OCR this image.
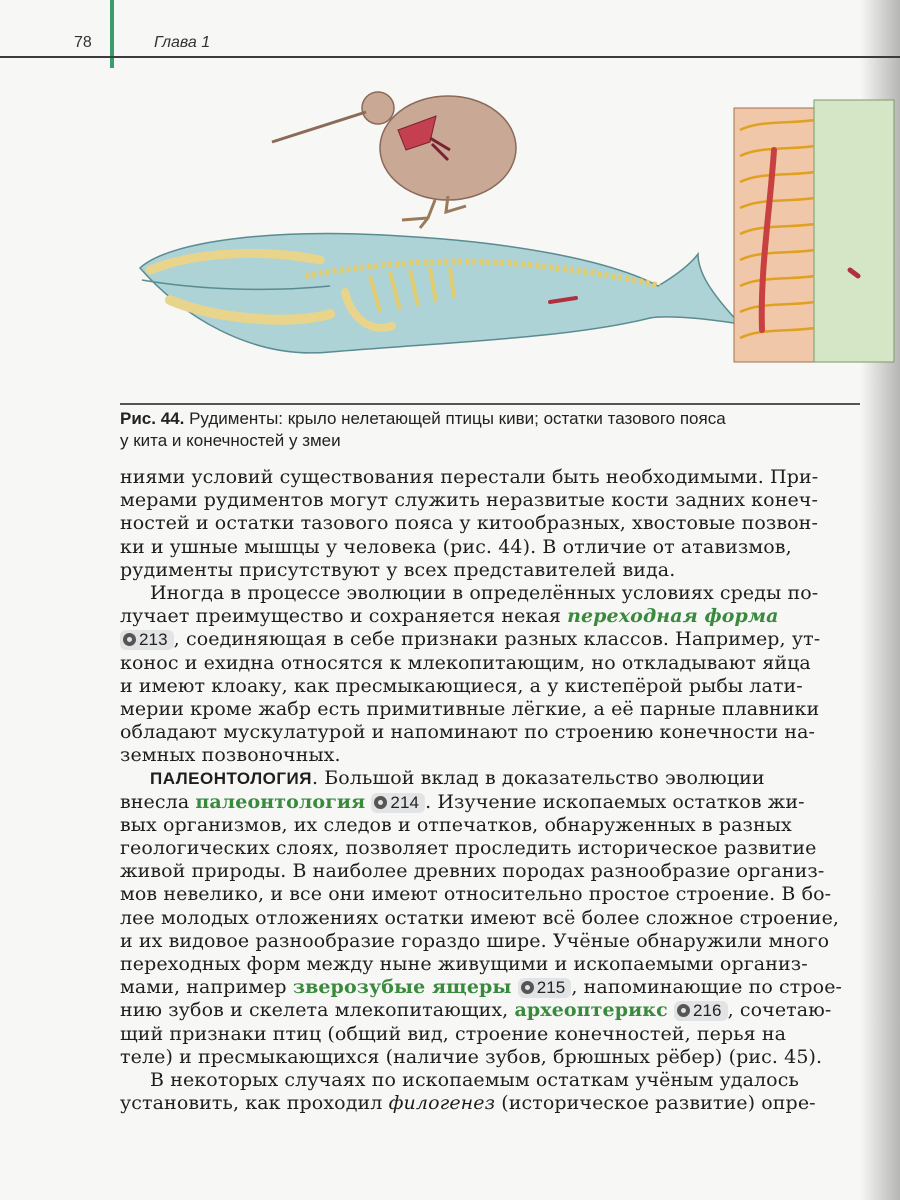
78	Глава 1
Рис. 44. Рудименты: крыло нелетающей птицы киви; остатки тазового пояса
у кита и конечностей у змеи
ниями условий существования перестали быть необходимыми. При-
мерами рудиментов могут служить неразвитые кости задних конеч-
ностей и остатки тазового пояса у китообразных, хвостовые позвон-
ки и ушные мышцы у человека (рис. 44). В отличие от атавизмов,
рудименты присутствуют у всех представителей вида.
Иногда в процессе эволюции в определённых условиях среды по-
лучает преимущество и сохраняется некая переходная форма
213 , соединяющая в себе признаки разных классов. Например, ут-
конос и ехидна относятся к млекопитающим, но откладывают яйца
и имеют клоаку, как пресмыкающиеся, а у кистепёрой рыбы лати-
мерии кроме жабр есть примитивные лёгкие, а её парные плавники
обладают мускулатурой и напоминают по строению конечности на-
земных позвоночных.
ПАЛЕОНТОЛОГИЯ. Большой вклад в доказательство эволюции
внесла палеонтология 214 . Изучение ископаемых остатков жи-
вых организмов, их следов и отпечатков, обнаруженных в разных
геологических слоях, позволяет проследить историческое развитие
живой природы. В наиболее древних породах разнообразие организ-
мов невелико, и все они имеют относительно простое строение. В бо-
лее молодых отложениях остатки имеют всё более сложное строение,
и их видовое разнообразие гораздо шире. Учёные обнаружили много
переходных форм между ныне живущими и ископаемыми организ-
мами, например зверозубые ящеры 215 , напоминающие по строе-
нию зубов и скелета млекопитающих, археоптерикс 216 , сочетаю-
щий признаки птиц (общий вид, строение конечностей, перья на
теле) и пресмыкающихся (наличие зубов, брюшных рёбер) (рис. 45).
В некоторых случаях по ископаемым остаткам учёным удалось
установить, как проходил филогенез (историческое развитие) опре-
